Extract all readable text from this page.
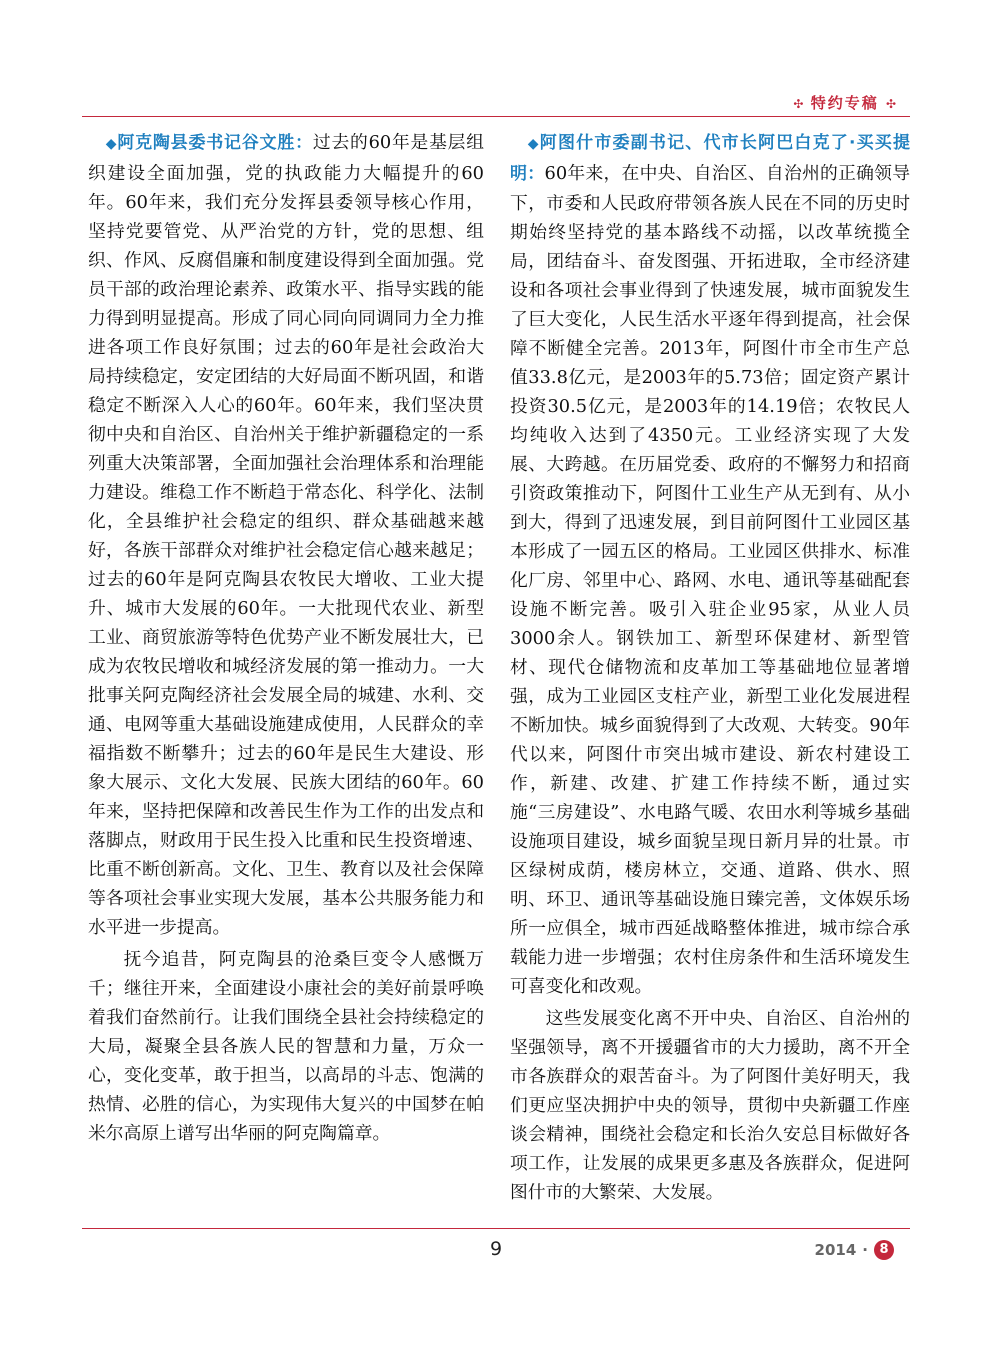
✣ 特约专稿 ✣

◆阿克陶县委书记谷文胜：过去的60年是基层组织建设全面加强，党的执政能力大幅提升的60年。60年来，我们充分发挥县委领导核心作用，坚持党要管党、从严治党的方针，党的思想、组织、作风、反腐倡廉和制度建设得到全面加强。党员干部的政治理论素养、政策水平、指导实践的能力得到明显提高。形成了同心同向同调同力全力推进各项工作良好氛围；过去的60年是社会政治大局持续稳定，安定团结的大好局面不断巩固，和谐稳定不断深入人心的60年。60年来，我们坚决贯彻中央和自治区、自治州关于维护新疆稳定的一系列重大决策部署，全面加强社会治理体系和治理能力建设。维稳工作不断趋于常态化、科学化、法制化，全县维护社会稳定的组织、群众基础越来越好，各族干部群众对维护社会稳定信心越来越足；过去的60年是阿克陶县农牧民大增收、工业大提升、城市大发展的60年。一大批现代农业、新型工业、商贸旅游等特色优势产业不断发展壮大，已成为农牧民增收和城经济发展的第一推动力。一大批事关阿克陶经济社会发展全局的城建、水利、交通、电网等重大基础设施建成使用，人民群众的幸福指数不断攀升；过去的60年是民生大建设、形象大展示、文化大发展、民族大团结的60年。60年来，坚持把保障和改善民生作为工作的出发点和落脚点，财政用于民生投入比重和民生投资增速、比重不断创新高。文化、卫生、教育以及社会保障等各项社会事业实现大发展，基本公共服务能力和水平进一步提高。

抚今追昔，阿克陶县的沧桑巨变令人感慨万千；继往开来，全面建设小康社会的美好前景呼唤着我们奋然前行。让我们围绕全县社会持续稳定的大局，凝聚全县各族人民的智慧和力量，万众一心，变化变革，敢于担当，以高昂的斗志、饱满的热情、必胜的信心，为实现伟大复兴的中国梦在帕米尔高原上谱写出华丽的阿克陶篇章。

◆阿图什市委副书记、代市长阿巴白克了·买买提明：60年来，在中央、自治区、自治州的正确领导下，市委和人民政府带领各族人民在不同的历史时期始终坚持党的基本路线不动摇，以改革统揽全局，团结奋斗、奋发图强、开拓进取，全市经济建设和各项社会事业得到了快速发展，城市面貌发生了巨大变化，人民生活水平逐年得到提高，社会保障不断健全完善。2013年，阿图什市全市生产总值33.8亿元，是2003年的5.73倍；固定资产累计投资30.5亿元，是2003年的14.19倍；农牧民人均纯收入达到了4350元。工业经济实现了大发展、大跨越。在历届党委、政府的不懈努力和招商引资政策推动下，阿图什工业生产从无到有、从小到大，得到了迅速发展，到目前阿图什工业园区基本形成了一园五区的格局。工业园区供排水、标准化厂房、邻里中心、路网、水电、通讯等基础配套设施不断完善。吸引入驻企业95家，从业人员3000余人。钢铁加工、新型环保建材、新型管材、现代仓储物流和皮革加工等基础地位显著增强，成为工业园区支柱产业，新型工业化发展进程不断加快。城乡面貌得到了大改观、大转变。90年代以来，阿图什市突出城市建设、新农村建设工作，新建、改建、扩建工作持续不断，通过实施“三房建设”、水电路气暖、农田水利等城乡基础设施项目建设，城乡面貌呈现日新月异的壮景。市区绿树成荫，楼房林立，交通、道路、供水、照明、环卫、通讯等基础设施日臻完善，文体娱乐场所一应俱全，城市西延战略整体推进，城市综合承载能力进一步增强；农村住房条件和生活环境发生可喜变化和改观。

这些发展变化离不开中央、自治区、自治州的坚强领导，离不开援疆省市的大力援助，离不开全市各族群众的艰苦奋斗。为了阿图什美好明天，我们更应坚决拥护中央的领导，贯彻中央新疆工作座谈会精神，围绕社会稳定和长治久安总目标做好各项工作，让发展的成果更多惠及各族群众，促进阿图什市的大繁荣、大发展。

9	2014 · 8
